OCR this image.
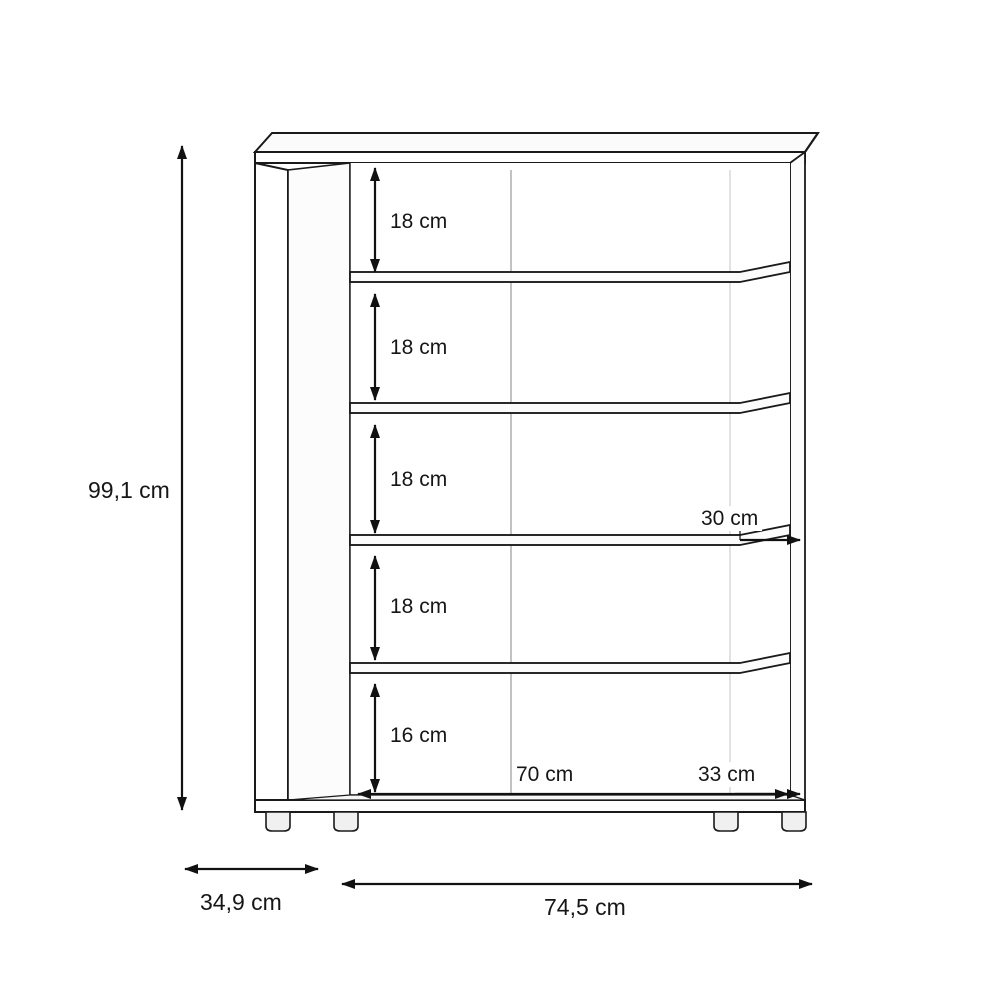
99,1 cm
18 cm
18 cm
18 cm
18 cm
16 cm
30 cm
70 cm	33 cm
34,9 cm	74,5 cm
